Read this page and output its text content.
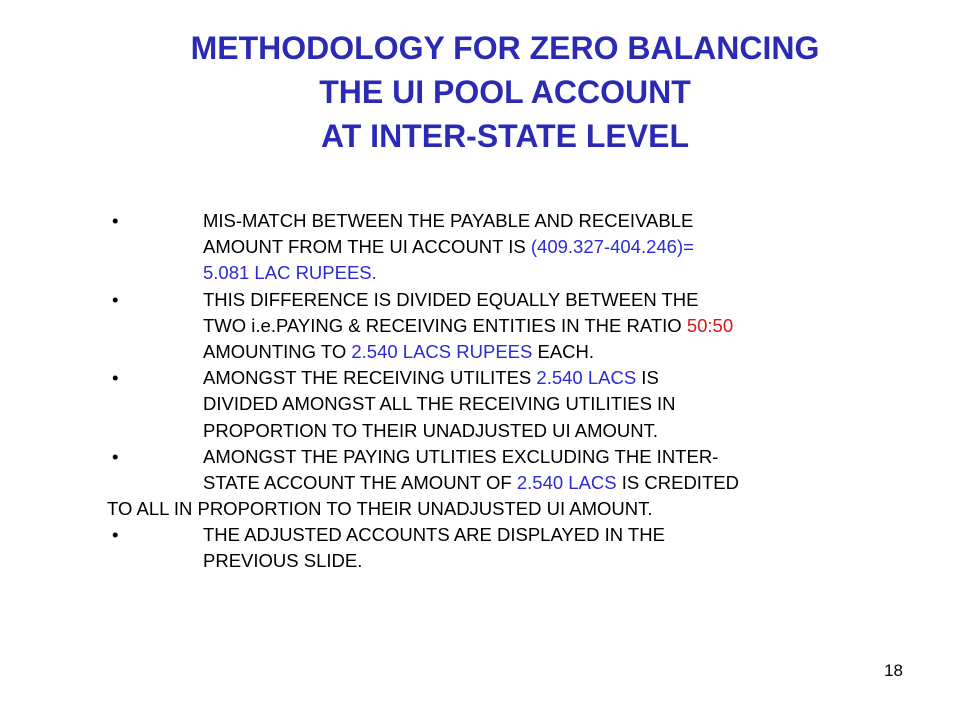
METHODOLOGY FOR ZERO BALANCING
THE UI POOL ACCOUNT
AT INTER-STATE LEVEL
•	MIS-MATCH BETWEEN THE PAYABLE AND RECEIVABLE
AMOUNT FROM THE UI ACCOUNT IS (409.327-404.246)=
5.081 LAC RUPEES.
•	THIS DIFFERENCE IS DIVIDED EQUALLY BETWEEN THE
TWO i.e.PAYING & RECEIVING ENTITIES IN THE RATIO 50:50
AMOUNTING TO 2.540 LACS RUPEES EACH.
•	AMONGST THE RECEIVING UTILITES 2.540 LACS IS
DIVIDED AMONGST ALL THE RECEIVING UTILITIES IN
PROPORTION TO THEIR UNADJUSTED UI AMOUNT.
•	AMONGST THE PAYING UTLITIES EXCLUDING THE INTER-
STATE ACCOUNT THE AMOUNT OF 2.540 LACS IS CREDITED
TO ALL IN PROPORTION TO THEIR UNADJUSTED UI AMOUNT.
•	THE ADJUSTED ACCOUNTS ARE DISPLAYED IN THE
PREVIOUS SLIDE.
18
